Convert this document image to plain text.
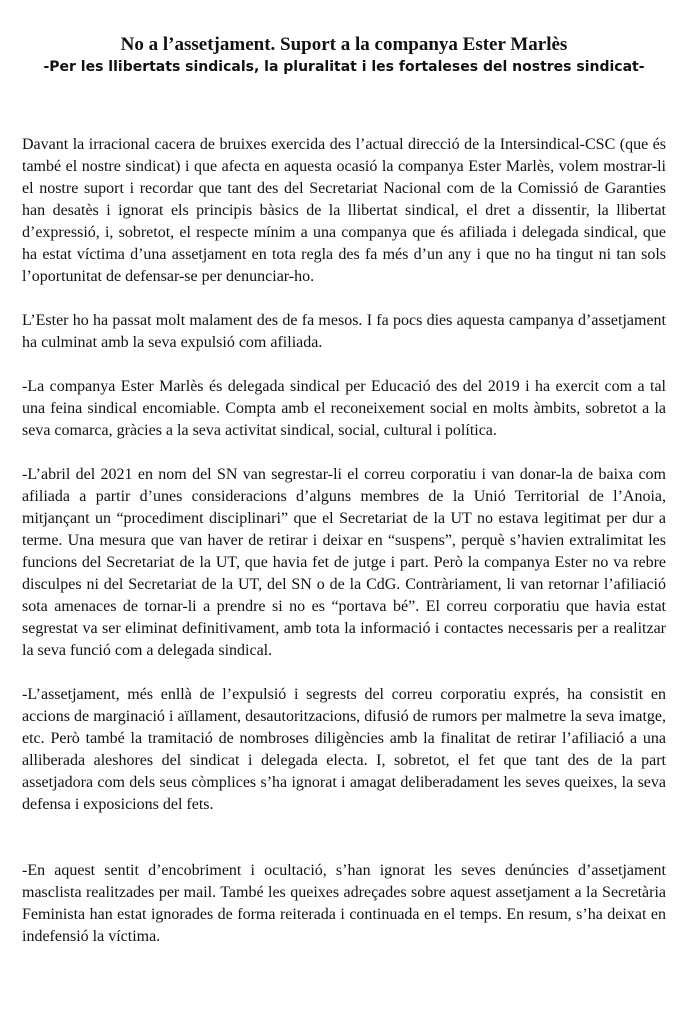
No a l’assetjament. Suport a la companya Ester Marlès

-Per les llibertats sindicals, la pluralitat i les fortaleses del nostres sindicat-

Davant la irracional cacera de bruixes exercida des l’actual direcció de la Intersindical-CSC (que és també el nostre sindicat) i que afecta en aquesta ocasió la companya Ester Marlès, volem mostrar-li el nostre suport i recordar que tant des del Secretariat Nacional com de la Comissió de Garanties han desatès i ignorat els principis bàsics de la llibertat sindical, el dret a dissentir, la llibertat d’expressió, i, sobretot, el respecte mínim a una companya que és afiliada i delegada sindical, que ha estat víctima d’una assetjament en tota regla des fa més d’un any i que no ha tingut ni tan sols l’oportunitat de defensar-se per denunciar-ho.

L’Ester ho ha passat molt malament des de fa mesos. I fa pocs dies aquesta campanya d’assetjament ha culminat amb la seva expulsió com afiliada.

-La companya Ester Marlès és delegada sindical per Educació des del 2019 i ha exercit com a tal una feina sindical encomiable. Compta amb el reconeixement social en molts àmbits, sobretot a la seva comarca, gràcies a la seva activitat sindical, social, cultural i política.

-L’abril del 2021 en nom del SN van segrestar-li el correu corporatiu i van donar-la de baixa com afiliada a partir d’unes consideracions d’alguns membres de la Unió Territorial de l’Anoia, mitjançant un “procediment disciplinari” que el Secretariat de la UT no estava legitimat per dur a terme. Una mesura que van haver de retirar i deixar en “suspens”, perquè s’havien extralimitat les funcions del Secretariat de la UT, que havia fet de jutge i part. Però la companya Ester no va rebre disculpes ni del Secretariat de la UT, del SN o de la CdG. Contràriament, li van retornar l’afiliació sota amenaces de tornar-li a prendre si no es “portava bé”. El correu corporatiu que havia estat segrestat va ser eliminat definitivament, amb tota la informació i contactes necessaris per a realitzar la seva funció com a delegada sindical.

-L’assetjament, més enllà de l’expulsió i segrests del correu corporatiu exprés, ha consistit en accions de marginació i aïllament, desautoritzacions, difusió de rumors per malmetre la seva imatge, etc. Però també la tramitació de nombroses diligències amb la finalitat de retirar l’afiliació a una alliberada aleshores del sindicat i delegada electa. I, sobretot, el fet que tant des de la part assetjadora com dels seus còmplices s’ha ignorat i amagat deliberadament les seves queixes, la seva defensa i exposicions del fets.

-En aquest sentit d’encobriment i ocultació, s’han ignorat les seves denúncies d’assetjament masclista realitzades per mail. També les queixes adreçades sobre aquest assetjament a la Secretària Feminista han estat ignorades de forma reiterada i continuada en el temps. En resum, s’ha deixat en indefensió la víctima.
